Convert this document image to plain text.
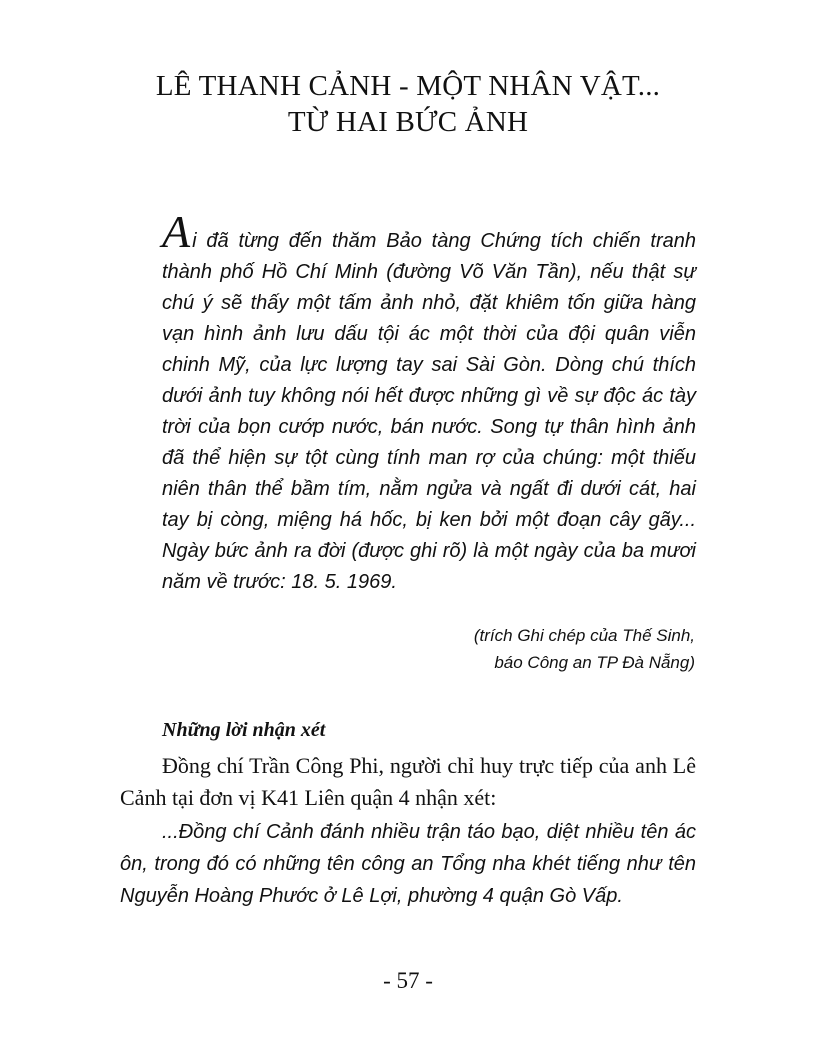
LÊ THANH CẢNH - MỘT NHÂN VẬT...
TỪ HAI BỨC ẢNH

Ai đã từng đến thăm Bảo tàng Chứng tích chiến tranh thành phố Hồ Chí Minh (đường Võ Văn Tần), nếu thật sự chú ý sẽ thấy một tấm ảnh nhỏ, đặt khiêm tốn giữa hàng vạn hình ảnh lưu dấu tội ác một thời của đội quân viễn chinh Mỹ, của lực lượng tay sai Sài Gòn. Dòng chú thích dưới ảnh tuy không nói hết được những gì về sự độc ác tày trời của bọn cướp nước, bán nước. Song tự thân hình ảnh đã thể hiện sự tột cùng tính man rợ của chúng: một thiếu niên thân thể bầm tím, nằm ngửa và ngất đi dưới cát, hai tay bị còng, miệng há hốc, bị ken bởi một đoạn cây gãy... Ngày bức ảnh ra đời (được ghi rõ) là một ngày của ba mươi năm về trước: 18. 5. 1969.

(trích Ghi chép của Thế Sinh,
báo Công an TP Đà Nẵng)
Những lời nhận xét

Đồng chí Trần Công Phi, người chỉ huy trực tiếp của anh Lê Cảnh tại đơn vị K41 Liên quận 4 nhận xét:

...Đồng chí Cảnh đánh nhiều trận táo bạo, diệt nhiều tên ác ôn, trong đó có những tên công an Tổng nha khét tiếng như tên Nguyễn Hoàng Phước ở Lê Lợi, phường 4 quận Gò Vấp.

- 57 -
